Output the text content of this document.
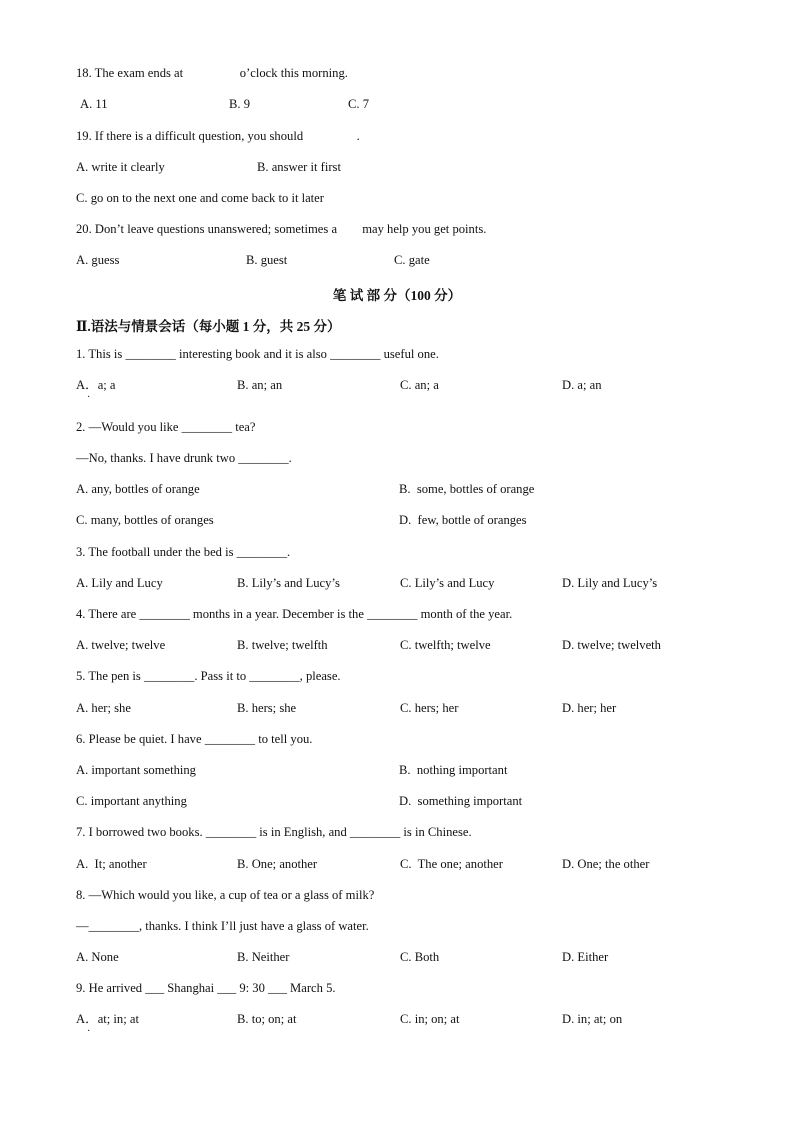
18. The exam ends at                  o’clock this morning.
A. 11	B. 9	C. 7
19. If there is a difficult question, you should                 .
A. write it clearly	B. answer it first
C. go on to the next one and come back to it later
20. Don’t leave questions unanswered; sometimes a        may help you get points.
A. guess	B. guest	C. gate
笔 试 部 分（100 分）
Ⅱ.语法与情景会话（每小题 1 分，共 25 分）
1. This is ________ interesting book and it is also ________ useful one.
A．a; a	B. an; an	C. an; a	D. a; an
·
2. —Would you like ________ tea?
—No, thanks. I have drunk two ________.
A. any, bottles of orange	B.  some, bottles of orange
C. many, bottles of oranges	D.  few, bottle of oranges
3. The football under the bed is ________.
A. Lily and Lucy	B. Lily’s and Lucy’s	C. Lily’s and Lucy	D. Lily and Lucy’s
4. There are ________ months in a year. December is the ________ month of the year.
A. twelve; twelve	B. twelve; twelfth	C. twelfth; twelve	D. twelve; twelveth
5. The pen is ________. Pass it to ________, please.
A. her; she	B. hers; she	C. hers; her	D. her; her
6. Please be quiet. I have ________ to tell you.
A. important something	B.  nothing important
C. important anything	D.  something important
7. I borrowed two books. ________ is in English, and ________ is in Chinese.
A.  It; another	B. One; another	C.  The one; another	D. One; the other
8. —Which would you like, a cup of tea or a glass of milk?
—________, thanks. I think I’ll just have a glass of water.
A. None	B. Neither	C. Both	D. Either
9. He arrived ___ Shanghai ___ 9: 30 ___ March 5.
A．at; in; at	B. to; on; at	C. in; on; at	D. in; at; on
·
